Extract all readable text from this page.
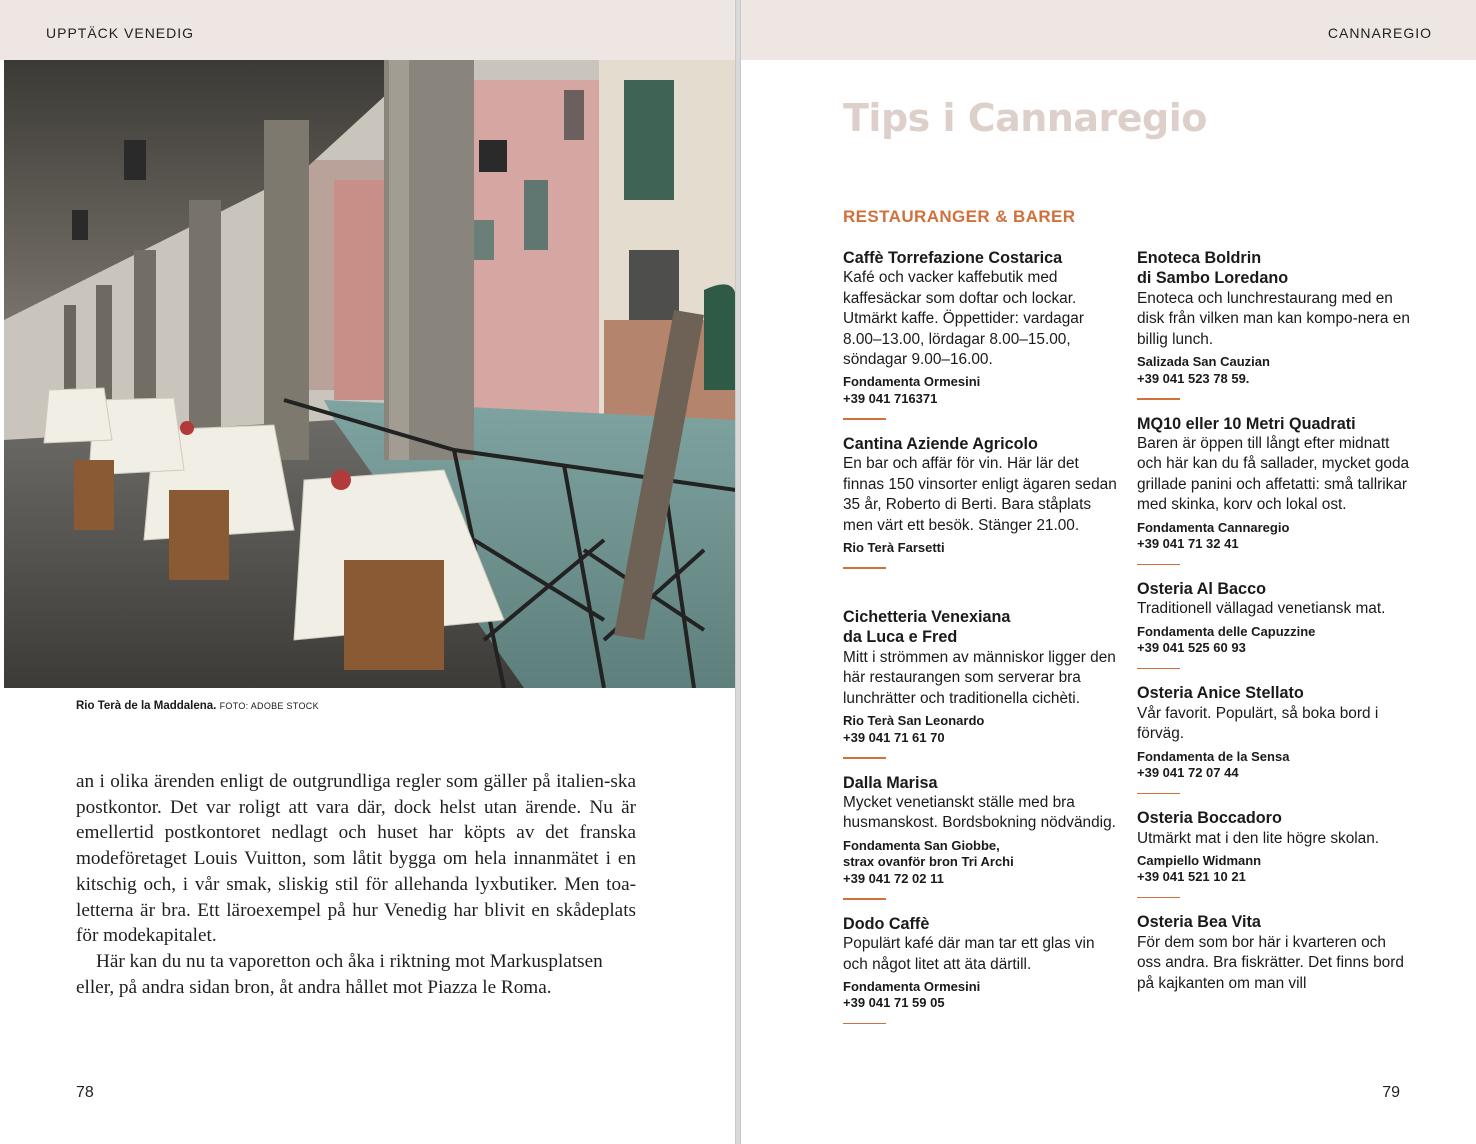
UPPTÄCK VENEDIG
Rio Terà de la Maddalena. FOTO: ADOBE STOCK

an i olika ärenden enligt de outgrundliga regler som gäller på italien-ska postkontor. Det var roligt att vara där, dock helst utan ärende. Nu är emellertid postkontoret nedlagt och huset har köpts av det franska modeföretaget Louis Vuitton, som låtit bygga om hela innanmätet i en kitschig och, i vår smak, sliskig stil för allehanda lyxbutiker. Men toa-letterna är bra. Ett läroexempel på hur Venedig har blivit en skådeplats för modekapitalet.

Här kan du nu ta vaporetton och åka i riktning mot Markusplatsen eller, på andra sidan bron, åt andra hållet mot Piazza le Roma.

78
CANNAREGIO
Tips i Cannaregio
RESTAURANGER & BARER
Caffè Torrefazione Costarica
Kafé och vacker kaffebutik med kaffesäckar som doftar och lockar. Utmärkt kaffe. Öppettider: vardagar 8.00–13.00, lördagar 8.00–15.00, söndagar 9.00–16.00.
Fondamenta Ormesini
+39 041 716371
Cantina Aziende Agricolo
En bar och affär för vin. Här lär det finnas 150 vinsorter enligt ägaren sedan 35 år, Roberto di Berti. Bara ståplats men värt ett besök. Stänger 21.00.
Rio Terà Farsetti
Cichetteria Venexiana
da Luca e Fred
Mitt i strömmen av människor ligger den här restaurangen som serverar bra lunchrätter och traditionella cichèti.
Rio Terà San Leonardo
+39 041 71 61 70
Dalla Marisa
Mycket venetianskt ställe med bra husmanskost. Bordsbokning nödvändig.
Fondamenta San Giobbe,
strax ovanför bron Tri Archi
+39 041 72 02 11
Dodo Caffè
Populärt kafé där man tar ett glas vin och något litet att äta därtill.
Fondamenta Ormesini
+39 041 71 59 05
Enoteca Boldrin
di Sambo Loredano
Enoteca och lunchrestaurang med en disk från vilken man kan kompo-nera en billig lunch.
Salizada San Cauzian
+39 041 523 78 59.
MQ10 eller 10 Metri Quadrati
Baren är öppen till långt efter midnatt och här kan du få sallader, mycket goda grillade panini och affetatti: små tallrikar med skinka, korv och lokal ost.
Fondamenta Cannaregio
+39 041 71 32 41
Osteria Al Bacco
Traditionell vällagad venetiansk mat.
Fondamenta delle Capuzzine
+39 041 525 60 93
Osteria Anice Stellato
Vår favorit. Populärt, så boka bord i förväg.
Fondamenta de la Sensa
+39 041 72 07 44
Osteria Boccadoro
Utmärkt mat i den lite högre skolan.
Campiello Widmann
+39 041 521 10 21
Osteria Bea Vita
För dem som bor här i kvarteren och oss andra. Bra fiskrätter. Det finns bord på kajkanten om man vill
79
